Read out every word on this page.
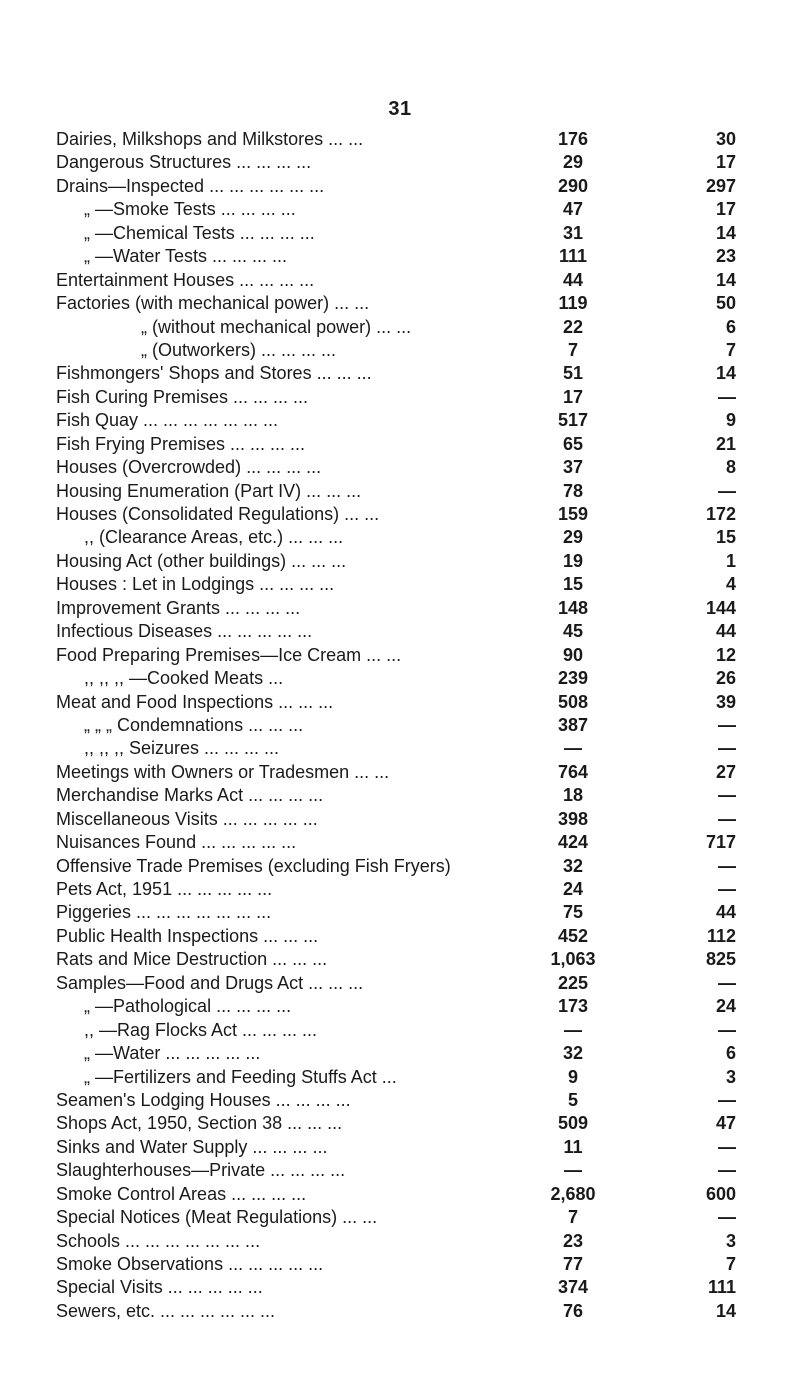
31
Dairies, Milkshops and Milkstores ... ...	176	30
Dangerous Structures ... ... ... ...	29	17
Drains—Inspected ... ... ... ... ... ...	290	297
„ —Smoke Tests ... ... ... ...	47	17
„ —Chemical Tests ... ... ... ...	31	14
„ —Water Tests ... ... ... ...	111	23
Entertainment Houses ... ... ... ...	44	14
Factories (with mechanical power) ... ...	119	50
„ (without mechanical power) ... ...	22	6
„ (Outworkers) ... ... ... ...	7	7
Fishmongers' Shops and Stores ... ... ...	51	14
Fish Curing Premises ... ... ... ...	17	—
Fish Quay ... ... ... ... ... ... ...	517	9
Fish Frying Premises ... ... ... ...	65	21
Houses (Overcrowded) ... ... ... ...	37	8
Housing Enumeration (Part IV) ... ... ...	78	—
Houses (Consolidated Regulations) ... ...	159	172
,, (Clearance Areas, etc.) ... ... ...	29	15
Housing Act (other buildings) ... ... ...	19	1
Houses : Let in Lodgings ... ... ... ...	15	4
Improvement Grants ... ... ... ...	148	144
Infectious Diseases ... ... ... ... ...	45	44
Food Preparing Premises—Ice Cream ... ...	90	12
,, ,, ,, —Cooked Meats ...	239	26
Meat and Food Inspections ... ... ...	508	39
„ „ „ Condemnations ... ... ...	387	—
,, ,, ,, Seizures ... ... ... ...	—	—
Meetings with Owners or Tradesmen ... ...	764	27
Merchandise Marks Act ... ... ... ...	18	—
Miscellaneous Visits ... ... ... ... ...	398	—
Nuisances Found ... ... ... ... ...	424	717
Offensive Trade Premises (excluding Fish Fryers)	32	—
Pets Act, 1951 ... ... ... ... ...	24	—
Piggeries ... ... ... ... ... ... ...	75	44
Public Health Inspections ... ... ...	452	112
Rats and Mice Destruction ... ... ...	1,063	825
Samples—Food and Drugs Act ... ... ...	225	—
„ —Pathological ... ... ... ...	173	24
,, —Rag Flocks Act ... ... ... ...	—	—
„ —Water ... ... ... ... ...	32	6
„ —Fertilizers and Feeding Stuffs Act ...	9	3
Seamen's Lodging Houses ... ... ... ...	5	—
Shops Act, 1950, Section 38 ... ... ...	509	47
Sinks and Water Supply ... ... ... ...	11	—
Slaughterhouses—Private ... ... ... ...	—	—
Smoke Control Areas ... ... ... ...	2,680	600
Special Notices (Meat Regulations) ... ...	7	—
Schools ... ... ... ... ... ... ...	23	3
Smoke Observations ... ... ... ... ...	77	7
Special Visits ... ... ... ... ...	374	111
Sewers, etc. ... ... ... ... ... ...	76	14
